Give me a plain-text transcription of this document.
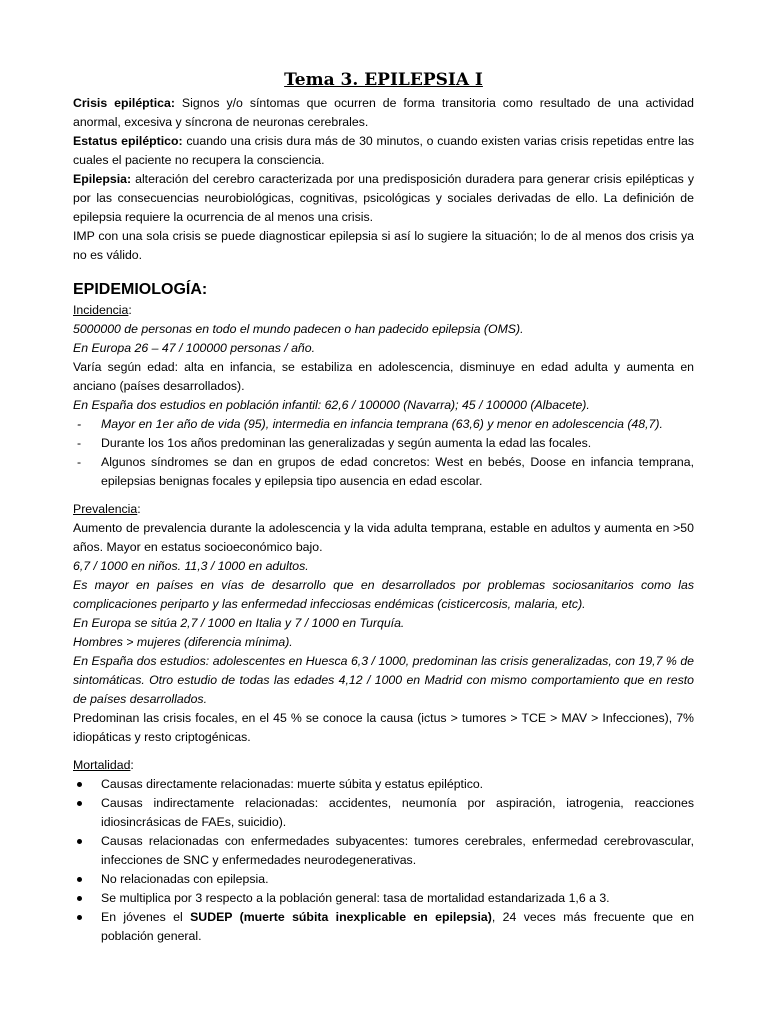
Tema 3. EPILEPSIA I

Crisis epiléptica: Signos y/o síntomas que ocurren de forma transitoria como resultado de una actividad anormal, excesiva y síncrona de neuronas cerebrales.

Estatus epiléptico: cuando una crisis dura más de 30 minutos, o cuando existen varias crisis repetidas entre las cuales el paciente no recupera la consciencia.

Epilepsia: alteración del cerebro caracterizada por una predisposición duradera para generar crisis epilépticas y por las consecuencias neurobiológicas, cognitivas, psicológicas y sociales derivadas de ello. La definición de epilepsia requiere la ocurrencia de al menos una crisis.

IMP con una sola crisis se puede diagnosticar epilepsia si así lo sugiere la situación; lo de al menos dos crisis ya no es válido.

EPIDEMIOLOGÍA:

Incidencia:

5000000 de personas en todo el mundo padecen o han padecido epilepsia (OMS).

En Europa 26 – 47 / 100000 personas / año.

Varía según edad: alta en infancia, se estabiliza en adolescencia, disminuye en edad adulta y aumenta en anciano (países desarrollados).

En España dos estudios en población infantil: 62,6 / 100000 (Navarra); 45 / 100000 (Albacete).

- Mayor en 1er año de vida (95), intermedia en infancia temprana (63,6) y menor en adolescencia (48,7).
- Durante los 1os años predominan las generalizadas y según aumenta la edad las focales.
- Algunos síndromes se dan en grupos de edad concretos: West en bebés, Doose en infancia temprana, epilepsias benignas focales y epilepsia tipo ausencia en edad escolar.

Prevalencia:

Aumento de prevalencia durante la adolescencia y la vida adulta temprana, estable en adultos y aumenta en >50 años. Mayor en estatus socioeconómico bajo.

6,7 / 1000 en niños. 11,3 / 1000 en adultos.

Es mayor en países en vías de desarrollo que en desarrollados por problemas sociosanitarios como las complicaciones periparto y las enfermedad infecciosas endémicas (cisticercosis, malaria, etc).

En Europa se sitúa 2,7 / 1000 en Italia y 7 / 1000 en Turquía.

Hombres > mujeres (diferencia mínima).

En España dos estudios: adolescentes en Huesca 6,3 / 1000, predominan las crisis generalizadas, con 19,7 % de sintomáticas. Otro estudio de todas las edades 4,12 / 1000 en Madrid con mismo comportamiento que en resto de países desarrollados.

Predominan las crisis focales, en el 45 % se conoce la causa (ictus > tumores > TCE > MAV > Infecciones), 7% idiopáticas y resto criptogénicas.

Mortalidad:

Causas directamente relacionadas: muerte súbita y estatus epiléptico.
Causas indirectamente relacionadas: accidentes, neumonía por aspiración, iatrogenia, reacciones idiosincrásicas de FAEs, suicidio).
Causas relacionadas con enfermedades subyacentes: tumores cerebrales, enfermedad cerebrovascular, infecciones de SNC y enfermedades neurodegenerativas.
No relacionadas con epilepsia.
Se multiplica por 3 respecto a la población general: tasa de mortalidad estandarizada 1,6 a 3.
En jóvenes el SUDEP (muerte súbita inexplicable en epilepsia), 24 veces más frecuente que en población general.
